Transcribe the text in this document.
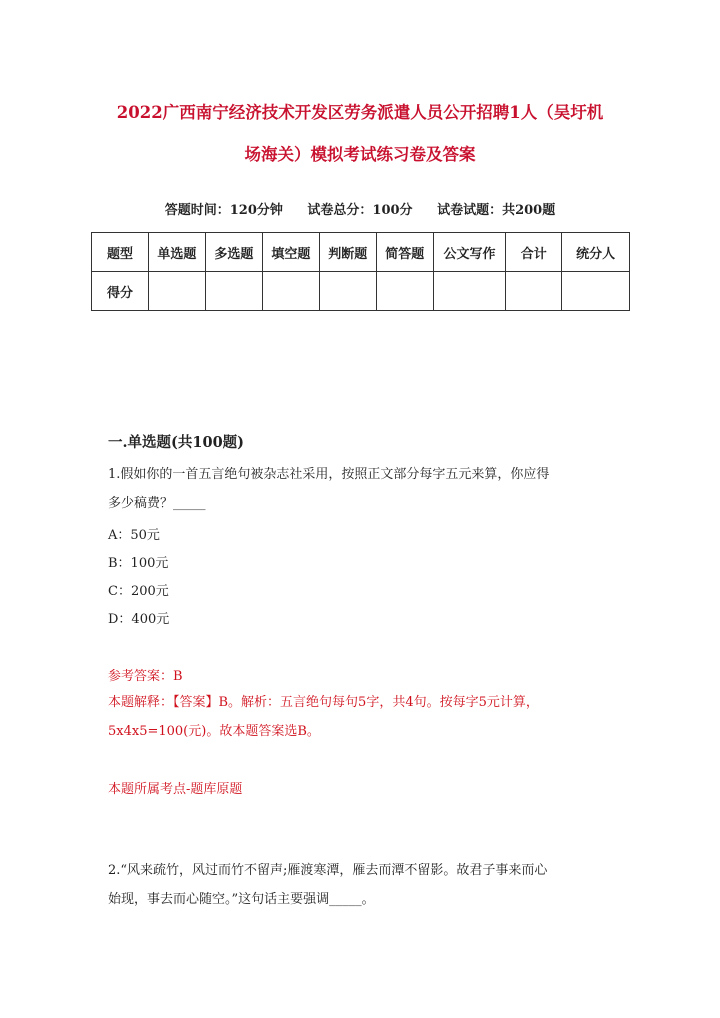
2022广西南宁经济技术开发区劳务派遣人员公开招聘1人（吴圩机
场海关）模拟考试练习卷及答案
答题时间：120分钟 试卷总分：100分 试卷试题：共200题
题型	单选题	多选题	填空题	判断题	简答题	公文写作	合计	统分人
得分								
一.单选题(共100题)
1.假如你的一首五言绝句被杂志社采用，按照正文部分每字五元来算，你应得
多少稿费？_____
A：50元
B：100元
C：200元
D：400元
参考答案：B
本题解释：【答案】B。解析：五言绝句每句5字，共4句。按每字5元计算，
5x4x5=100(元)。故本题答案选B。
本题所属考点-题库原题
2.“风来疏竹，风过而竹不留声;雁渡寒潭，雁去而潭不留影。故君子事来而心
始现，事去而心随空。”这句话主要强调_____。
